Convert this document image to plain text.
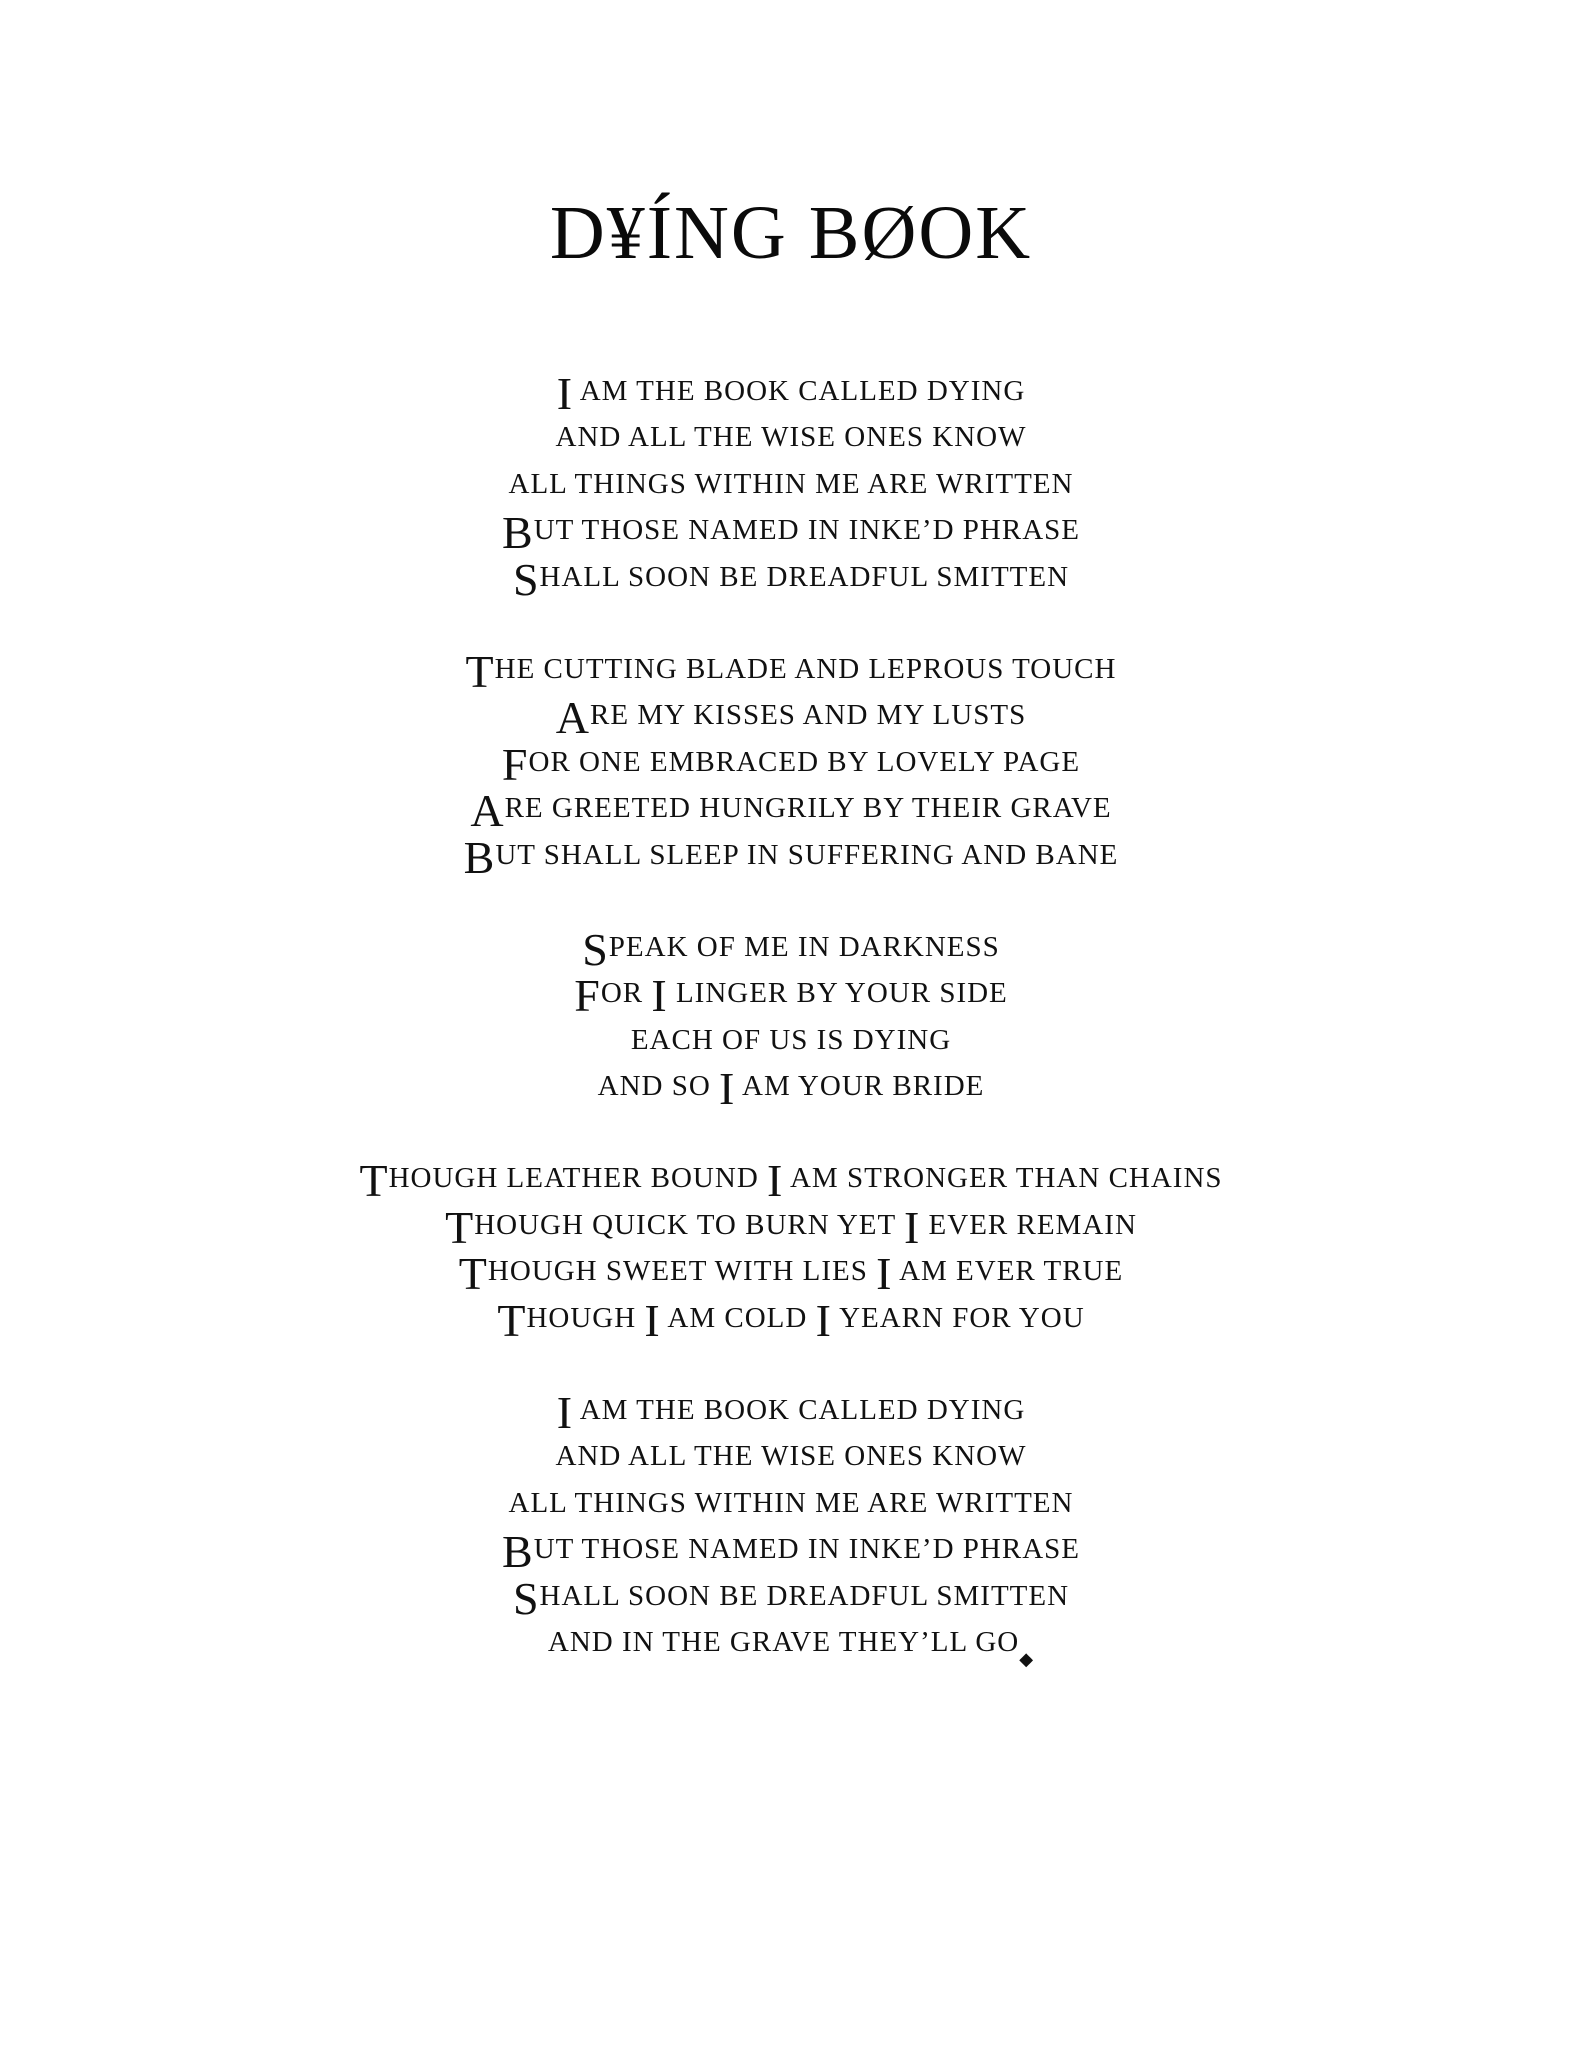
D¥ÍNG BØOK
I AM THE BOOK CALLED DYING
AND ALL THE WISE ONES KNOW
ALL THINGS WITHIN ME ARE WRITTEN
BUT THOSE NAMED IN INKE’D PHRASE
SHALL SOON BE DREADFUL SMITTEN
THE CUTTING BLADE AND LEPROUS TOUCH
ARE MY KISSES AND MY LUSTS
FOR ONE EMBRACED BY LOVELY PAGE
ARE GREETED HUNGRILY BY THEIR GRAVE
BUT SHALL SLEEP IN SUFFERING AND BANE
SPEAK OF ME IN DARKNESS
FOR I LINGER BY YOUR SIDE
EACH OF US IS DYING
AND SO I AM YOUR BRIDE
THOUGH LEATHER BOUND I AM STRONGER THAN CHAINS
THOUGH QUICK TO BURN YET I EVER REMAIN
THOUGH SWEET WITH LIES I AM EVER TRUE
THOUGH I AM COLD I YEARN FOR YOU
I AM THE BOOK CALLED DYING
AND ALL THE WISE ONES KNOW
ALL THINGS WITHIN ME ARE WRITTEN
BUT THOSE NAMED IN INKE’D PHRASE
SHALL SOON BE DREADFUL SMITTEN
AND IN THE GRAVE THEY’LL $GO_◆$
